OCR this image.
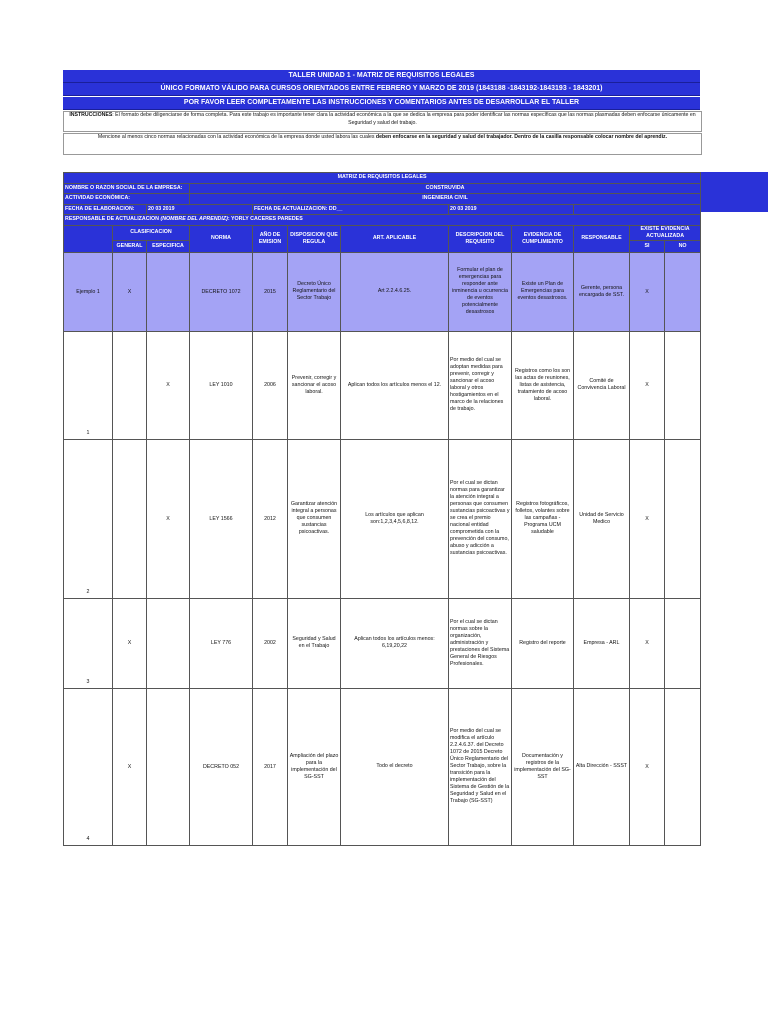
TALLER UNIDAD 1 - MATRIZ DE REQUISITOS LEGALES
ÚNICO FORMATO VÁLIDO PARA CURSOS ORIENTADOS ENTRE FEBRERO Y MARZO DE 2019 (1843188 -1843192-1843193 - 1843201)
POR FAVOR LEER COMPLETAMENTE LAS INSTRUCCIONES Y COMENTARIOS ANTES DE DESARROLLAR EL TALLER
INSTRUCCIONES: El formato debe diligenciarse de forma completa. Para este trabajo es importante tener clara la actividad económica a la que se dedica la empresa para poder identificar las normas específicas que las normas plasmadas deben enfocarse únicamente en Seguridad y salud del trabajo.
Mencione al menos cinco normas relacionadas con la actividad económica de la empresa donde usted labora las cuales deben enfocarse en la seguridad y salud del trabajador. Dentro de la casilla responsable colocar nombre del aprendiz.
MATRIZ DE REQUISITOS LEGALES											
NOMBRE O RAZON SOCIAL DE LA EMPRESA:			CONSTRUVIDA								
ACTIVIDAD ECONÓMICA:			INGENIERIA CIVIL								
FECHA DE ELABORACION:		20 03 2019		FECHA DE ACTUALIZACION: DD__			20 03 2019				
RESPONSABLE DE ACTUALIZACION (NOMBRE DEL APRENDIZ): YORLY CACERES PAREDES											
	CLASIFICACION		NORMA	AÑO DE EMISION	DISPOSICION QUE REGULA	ART. APLICABLE	DESCRIPCION DEL REQUISITO	EVIDENCIA DE CUMPLIMIENTO	RESPONSABLE	EXISTE EVIDENCIA ACTUALIZADA	
	GENERAL	ESPECIFICA								SI	NO
Ejemplo 1	X		DECRETO 1072	2015	Decreto Único Reglamentario del Sector Trabajo	Art 2.2.4.6.25.	Formular el plan de emergencias para responder ante inminencia u ocurrencia de eventos potencialmente desastrosos	Existe un Plan de Emergencias para eventos desastrosos.	Gerente, persona encargada de SST.	X	
1		X	LEY 1010	2006	Prevenir, corregir y sancionar el acoso laboral.	Aplican todos los artículos menos el 12.	Por medio del cual se adoptan medidas para prevenir, corregir y sancionar el acoso laboral y otros hostigamientos en el marco de la relaciones de trabajo.	Registros como los son las actas de reuniones, listas de asistencia, tratamiento de acoso laboral.	Comité de Convivencia Laboral	X	
2		X	LEY 1566	2012	Garantizar atención integral a personas que consumen sustancias psicoactivas.	Los artículos que aplican son:1,2,3,4,5,6,8,12.	Por el cual se dictan normas para garantizar la atención integral a personas que consumen sustancias psicoactivas y se crea el premio nacional entidad comprometida con la prevención del consumo, abuso y adicción a sustancias psicoactivas.	Registros fotográficos, folletos, volantes sobre las campañas - Programa UCM saludable	Unidad de Servicio Medico	X	
3	X		LEY 776	2002	Seguridad y Salud en el Trabajo	Aplican todos los artículos menos: 6,19,20,22	Por el cual se dictan normas sobre la organización, administración y prestaciones del Sistema General de Riesgos Profesionales.	Registro del reporte	Empresa - ARL	X	
4	X		DECRETO 052	2017	Ampliación del plazo para la implementación del SG-SST	Todo el decreto	Por medio del cual se modifica el artículo 2.2.4.6.37. del Decreto 1072 de 2015 Decreto Único Reglamentario del Sector Trabajo, sobre la transición para la implementación del Sistema de Gestión de la Seguridad y Salud en el Trabajo (SG-SST)	Documentación y registros de la implementación del SG-SST	Alta Dirección - SSST	X	
